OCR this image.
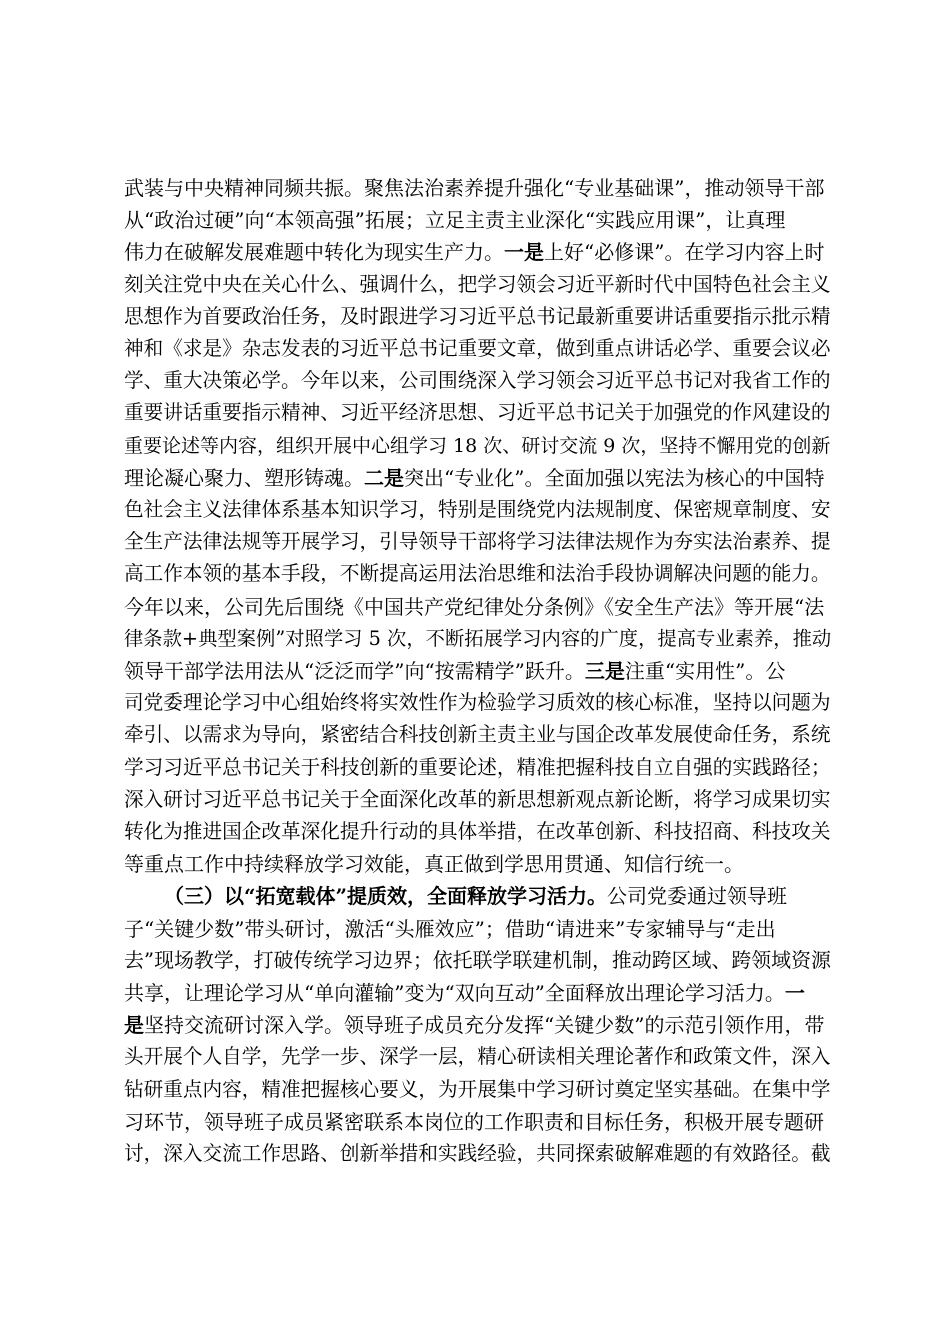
武装与中央精神同频共振。聚焦法治素养提升强化“专业基础课”，推动领导干部
从“政治过硬”向“本领高强”拓展；立足主责主业深化“实践应用课”，让真理
伟力在破解发展难题中转化为现实生产力。一是上好“必修课”。在学习内容上时
刻关注党中央在关心什么、强调什么，把学习领会习近平新时代中国特色社会主义
思想作为首要政治任务，及时跟进学习习近平总书记最新重要讲话重要指示批示精
神和《求是》杂志发表的习近平总书记重要文章，做到重点讲话必学、重要会议必
学、重大决策必学。今年以来，公司围绕深入学习领会习近平总书记对我省工作的
重要讲话重要指示精神、习近平经济思想、习近平总书记关于加强党的作风建设的
重要论述等内容，组织开展中心组学习 18 次、研讨交流 9 次，坚持不懈用党的创新
理论凝心聚力、塑形铸魂。二是突出“专业化”。全面加强以宪法为核心的中国特
色社会主义法律体系基本知识学习，特别是围绕党内法规制度、保密规章制度、安
全生产法律法规等开展学习，引导领导干部将学习法律法规作为夯实法治素养、提
高工作本领的基本手段，不断提高运用法治思维和法治手段协调解决问题的能力。
今年以来，公司先后围绕《中国共产党纪律处分条例》《安全生产法》等开展“法
律条款+典型案例”对照学习 5 次，不断拓展学习内容的广度，提高专业素养，推动
领导干部学法用法从“泛泛而学”向“按需精学”跃升。三是注重“实用性”。公
司党委理论学习中心组始终将实效性作为检验学习质效的核心标准，坚持以问题为
牵引、以需求为导向，紧密结合科技创新主责主业与国企改革发展使命任务，系统
学习习近平总书记关于科技创新的重要论述，精准把握科技自立自强的实践路径；
深入研讨习近平总书记关于全面深化改革的新思想新观点新论断，将学习成果切实
转化为推进国企改革深化提升行动的具体举措，在改革创新、科技招商、科技攻关
等重点工作中持续释放学习效能，真正做到学思用贯通、知信行统一。
（三）以“拓宽载体”提质效，全面释放学习活力。公司党委通过领导班
子“关键少数”带头研讨，激活“头雁效应”；借助“请进来”专家辅导与“走出
去”现场教学，打破传统学习边界；依托联学联建机制，推动跨区域、跨领域资源
共享，让理论学习从“单向灌输”变为“双向互动”全面释放出理论学习活力。一
是坚持交流研讨深入学。领导班子成员充分发挥“关键少数”的示范引领作用，带
头开展个人自学，先学一步、深学一层，精心研读相关理论著作和政策文件，深入
钻研重点内容，精准把握核心要义，为开展集中学习研讨奠定坚实基础。在集中学
习环节，领导班子成员紧密联系本岗位的工作职责和目标任务，积极开展专题研
讨，深入交流工作思路、创新举措和实践经验，共同探索破解难题的有效路径。截
